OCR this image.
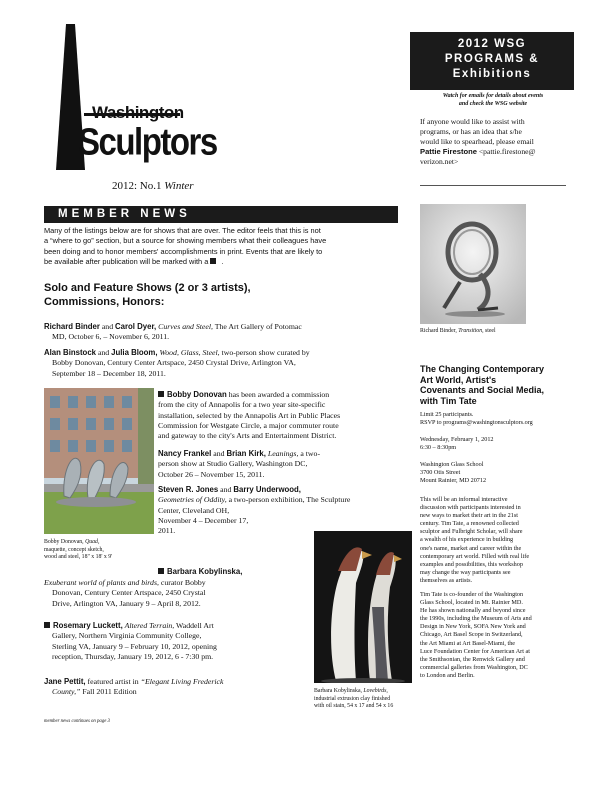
Washington
Sculptors
2012: No.1 Winter
2012 WSG
PROGRAMS &
Exhibitions
Watch for emails for details about events
and check the WSG website
If anyone would like to assist with
programs, or has an idea that s/he
would like to spearhead, please email
Pattie Firestone <pattie.firestone@
verizon.net>
Richard Binder, Transition, steel
MEMBER NEWS
Many of the listings below are for shows that are over. The editor feels that this is not
a “where to go” section, but a source for showing members what their colleagues have
been doing and to honor members' accomplishments in print. Events that are likely to
be available after publication will be marked with a  .
Solo and Feature Shows (2 or 3 artists),
Commissions, Honors:
Richard Binder and Carol Dyer, Curves and Steel, The Art Gallery of Potomac
MD, October 6, – November 6, 2011.
Alan Binstock and Julia Bloom, Wood, Glass, Steel, two-person show curated by
Bobby Donovan, Century Center Artspace, 2450 Crystal Drive, Arlington VA,
September 18 – December 18, 2011.
Bobby Donovan, Quad,
maquette, concept sketch,
wood and steel, 18" x 18' x 9'
Bobby Donovan has been awarded a commission
from the city of Annapolis for a two year site-specific
installation, selected by the Annapolis Art in Public Places
Commission for Westgate Circle, a major commuter route
and gateway to the city's Arts and Entertainment District.
Nancy Frankel and Brian Kirk, Leanings, a two-
person show at Studio Gallery, Washington DC,
October 26 – November 15, 2011.
Steven R. Jones and Barry Underwood,
Geometries of Oddity, a two-person exhibition, The Sculpture
Center, Cleveland OH,
November 4 – December 17,
2011.
Barbara Kobylinska,
Exuberant world of plants and birds, curator Bobby
Donovan, Century Center Artspace, 2450 Crystal
Drive, Arlington VA, January 9 – April 8, 2012.
Rosemary Luckett, Altered Terrain, Waddell Art
Gallery, Northern Virginia Community College,
Sterling VA, January 9 – February 10, 2012, opening
reception, Thursday, January 19, 2012, 6 - 7:30 pm.
Jane Pettit, featured artist in “Elegant Living Frederick
County,” Fall 2011 Edition	Barbara Kobylinska, Lovebirds,
industrial extrusion clay finished
with oil stain, 54 x 17 and 54 x 16
member news continues on page 3
The Changing Contemporary
Art World, Artist's
Covenants and Social Media,
with Tim Tate
Limit 25 participants.
RSVP to programs@washingtonsculptors.org
Wednesday, February 1, 2012
6:30 – 8:30pm
Washington Glass School
3700 Otis Street
Mount Rainier, MD 20712
This will be an informal interactive
discussion with participants interested in
new ways to market their art in the 21st
century. Tim Tate, a renowned collected
sculptor and Fulbright Scholar, will share
a wealth of his experience in building
one's name, market and career within the
contemporary art world. Filled with real life
examples and possibilities, this workshop
may change the way participants see
themselves as artists.
Tim Tate is co-founder of the Washington
Glass School, located in Mt. Rainier MD.
He has shown nationally and beyond since
the 1990s, including the Museum of Arts and
Design in New York, SOFA New York and
Chicago, Art Basel Scope in Switzerland,
the Art Miami at Art Basel-Miami, the
Luce Foundation Center for American Art at
the Smithsonian, the Renwick Gallery and
commercial galleries from Washington, DC
to London and Berlin.
